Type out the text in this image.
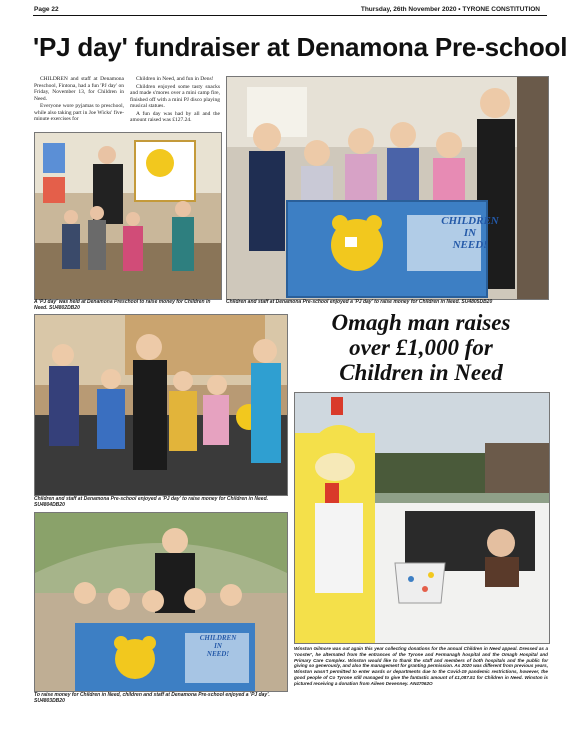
Page 22	Thursday, 26th November 2020 • TYRONE CONSTITUTION
'PJ day' fundraiser at Denamona Pre-school

CHILDREN and staff at Denamona Preschool, Fintona, had a fun 'PJ day' on Friday, November 13, for Children in Need.

Everyone wore pyjamas to preschool, while also taking part in Joe Wicks' five-minute exercises for

Children in Need, and fun in Dens!

Children enjoyed some tasty snacks and made s'mores over a mini camp fire, finished off with a mini PJ disco playing musical statues.

A fun day was had by all and the amount raised was £127.24.

A 'PJ day' was held at Denamona Preschool to raise money for Children in Need. SU4802DB20
CHILDREN
IN
NEED!
Children and staff at Denamona Pre-school enjoyed a 'PJ day' to raise money for Children in Need. SU4805DB20
Children and staff at Denamona Pre-school enjoyed a 'PJ day' to raise money for Children in Need. SU4804DB20
Omagh man raises
over £1,000 for
Children in Need
Winston Gilmore was out again this year collecting donations for the annual Children in Need appeal. Dressed as a 'rooster', he alternated from the entrances of the Tyrone and Fermanagh hospital and the Omagh Hospital and Primary Care Complex. Winston would like to thank the staff and members of both hospitals and the public for giving so generously, and also the management for granting permission. As 2020 was different from previous years, Winston wasn't permitted to enter wards or departments due to the Covid-19 pandemic restrictions, however, the good people of Co Tyrone still managed to give the fantastic amount of £1,087.51 for Children in Need. Winston is pictured receiving a donation from Aileen Devenney. AN47062O
CHILDREN
IN
NEED!
To raise money for Children in Need, children and staff at Denamona Pre-school enjoyed a 'PJ day'. SU4803DB20
